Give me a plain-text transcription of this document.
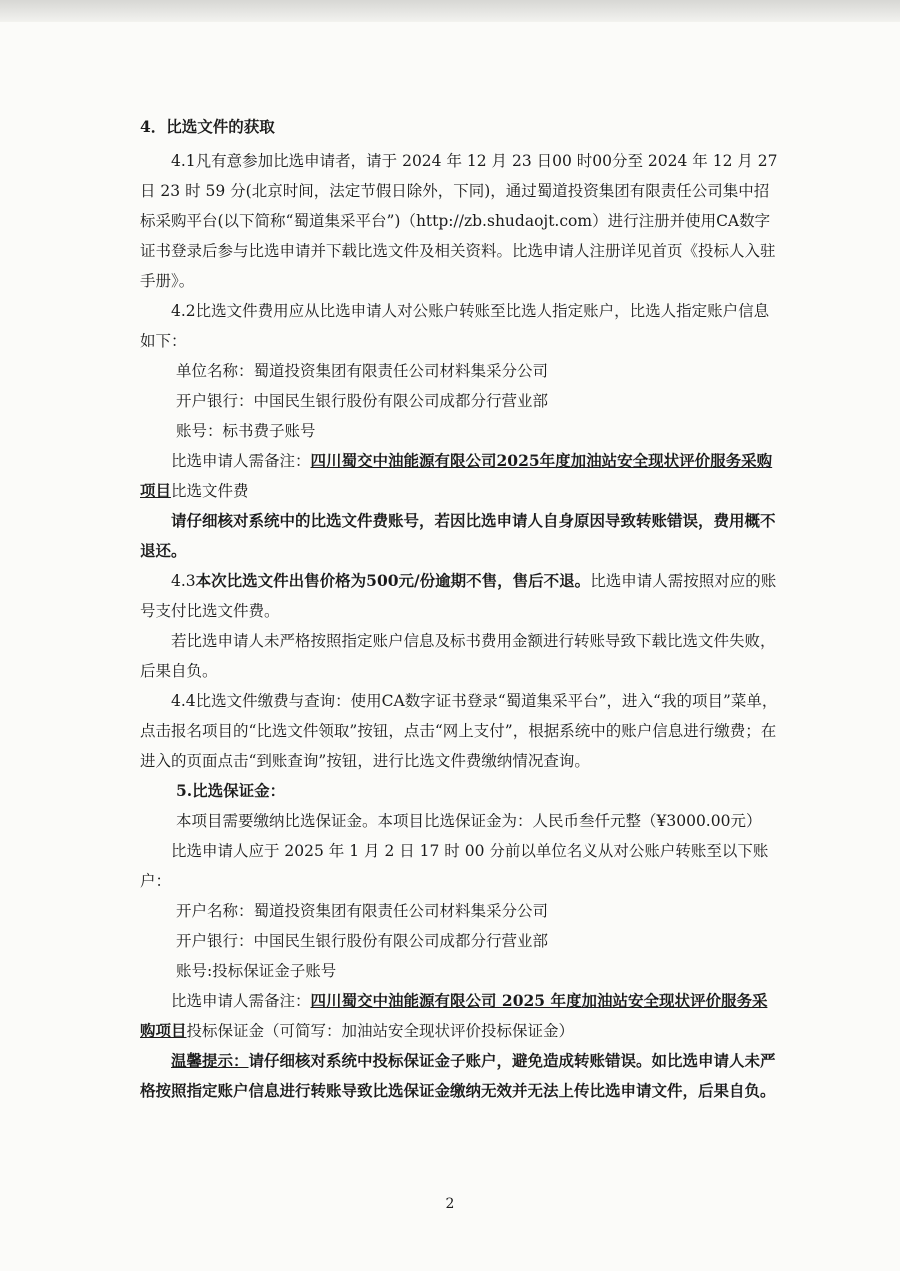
4．比选文件的获取

4.1凡有意参加比选申请者，请于 2024 年 12 月 23 日00 时00分至 2024 年 12 月 27 日 23 时 59 分(北京时间，法定节假日除外，下同)，通过蜀道投资集团有限责任公司集中招标采购平台(以下简称“蜀道集采平台”)（http://zb.shudaojt.com）进行注册并使用CA数字证书登录后参与比选申请并下载比选文件及相关资料。比选申请人注册详见首页《投标人入驻手册》。

4.2比选文件费用应从比选申请人对公账户转账至比选人指定账户，比选人指定账户信息如下：

单位名称：蜀道投资集团有限责任公司材料集采分公司

开户银行：中国民生银行股份有限公司成都分行营业部

账号：标书费子账号

比选申请人需备注：四川蜀交中油能源有限公司2025年度加油站安全现状评价服务采购项目比选文件费

请仔细核对系统中的比选文件费账号，若因比选申请人自身原因导致转账错误，费用概不退还。

4.3本次比选文件出售价格为500元/份逾期不售，售后不退。比选申请人需按照对应的账号支付比选文件费。

若比选申请人未严格按照指定账户信息及标书费用金额进行转账导致下载比选文件失败，后果自负。

4.4比选文件缴费与查询：使用CA数字证书登录“蜀道集采平台”，进入“我的项目”菜单，点击报名项目的“比选文件领取”按钮，点击“网上支付”，根据系统中的账户信息进行缴费；在进入的页面点击“到账查询”按钮，进行比选文件费缴纳情况查询。

5.比选保证金：

本项目需要缴纳比选保证金。本项目比选保证金为：人民币叁仟元整（¥3000.00元）

比选申请人应于 2025 年 1 月 2 日 17 时 00 分前以单位名义从对公账户转账至以下账户：

开户名称：蜀道投资集团有限责任公司材料集采分公司

开户银行：中国民生银行股份有限公司成都分行营业部

账号:投标保证金子账号

比选申请人需备注：四川蜀交中油能源有限公司 2025 年度加油站安全现状评价服务采购项目投标保证金（可简写：加油站安全现状评价投标保证金）

温馨提示：请仔细核对系统中投标保证金子账户，避免造成转账错误。如比选申请人未严格按照指定账户信息进行转账导致比选保证金缴纳无效并无法上传比选申请文件，后果自负。

2
